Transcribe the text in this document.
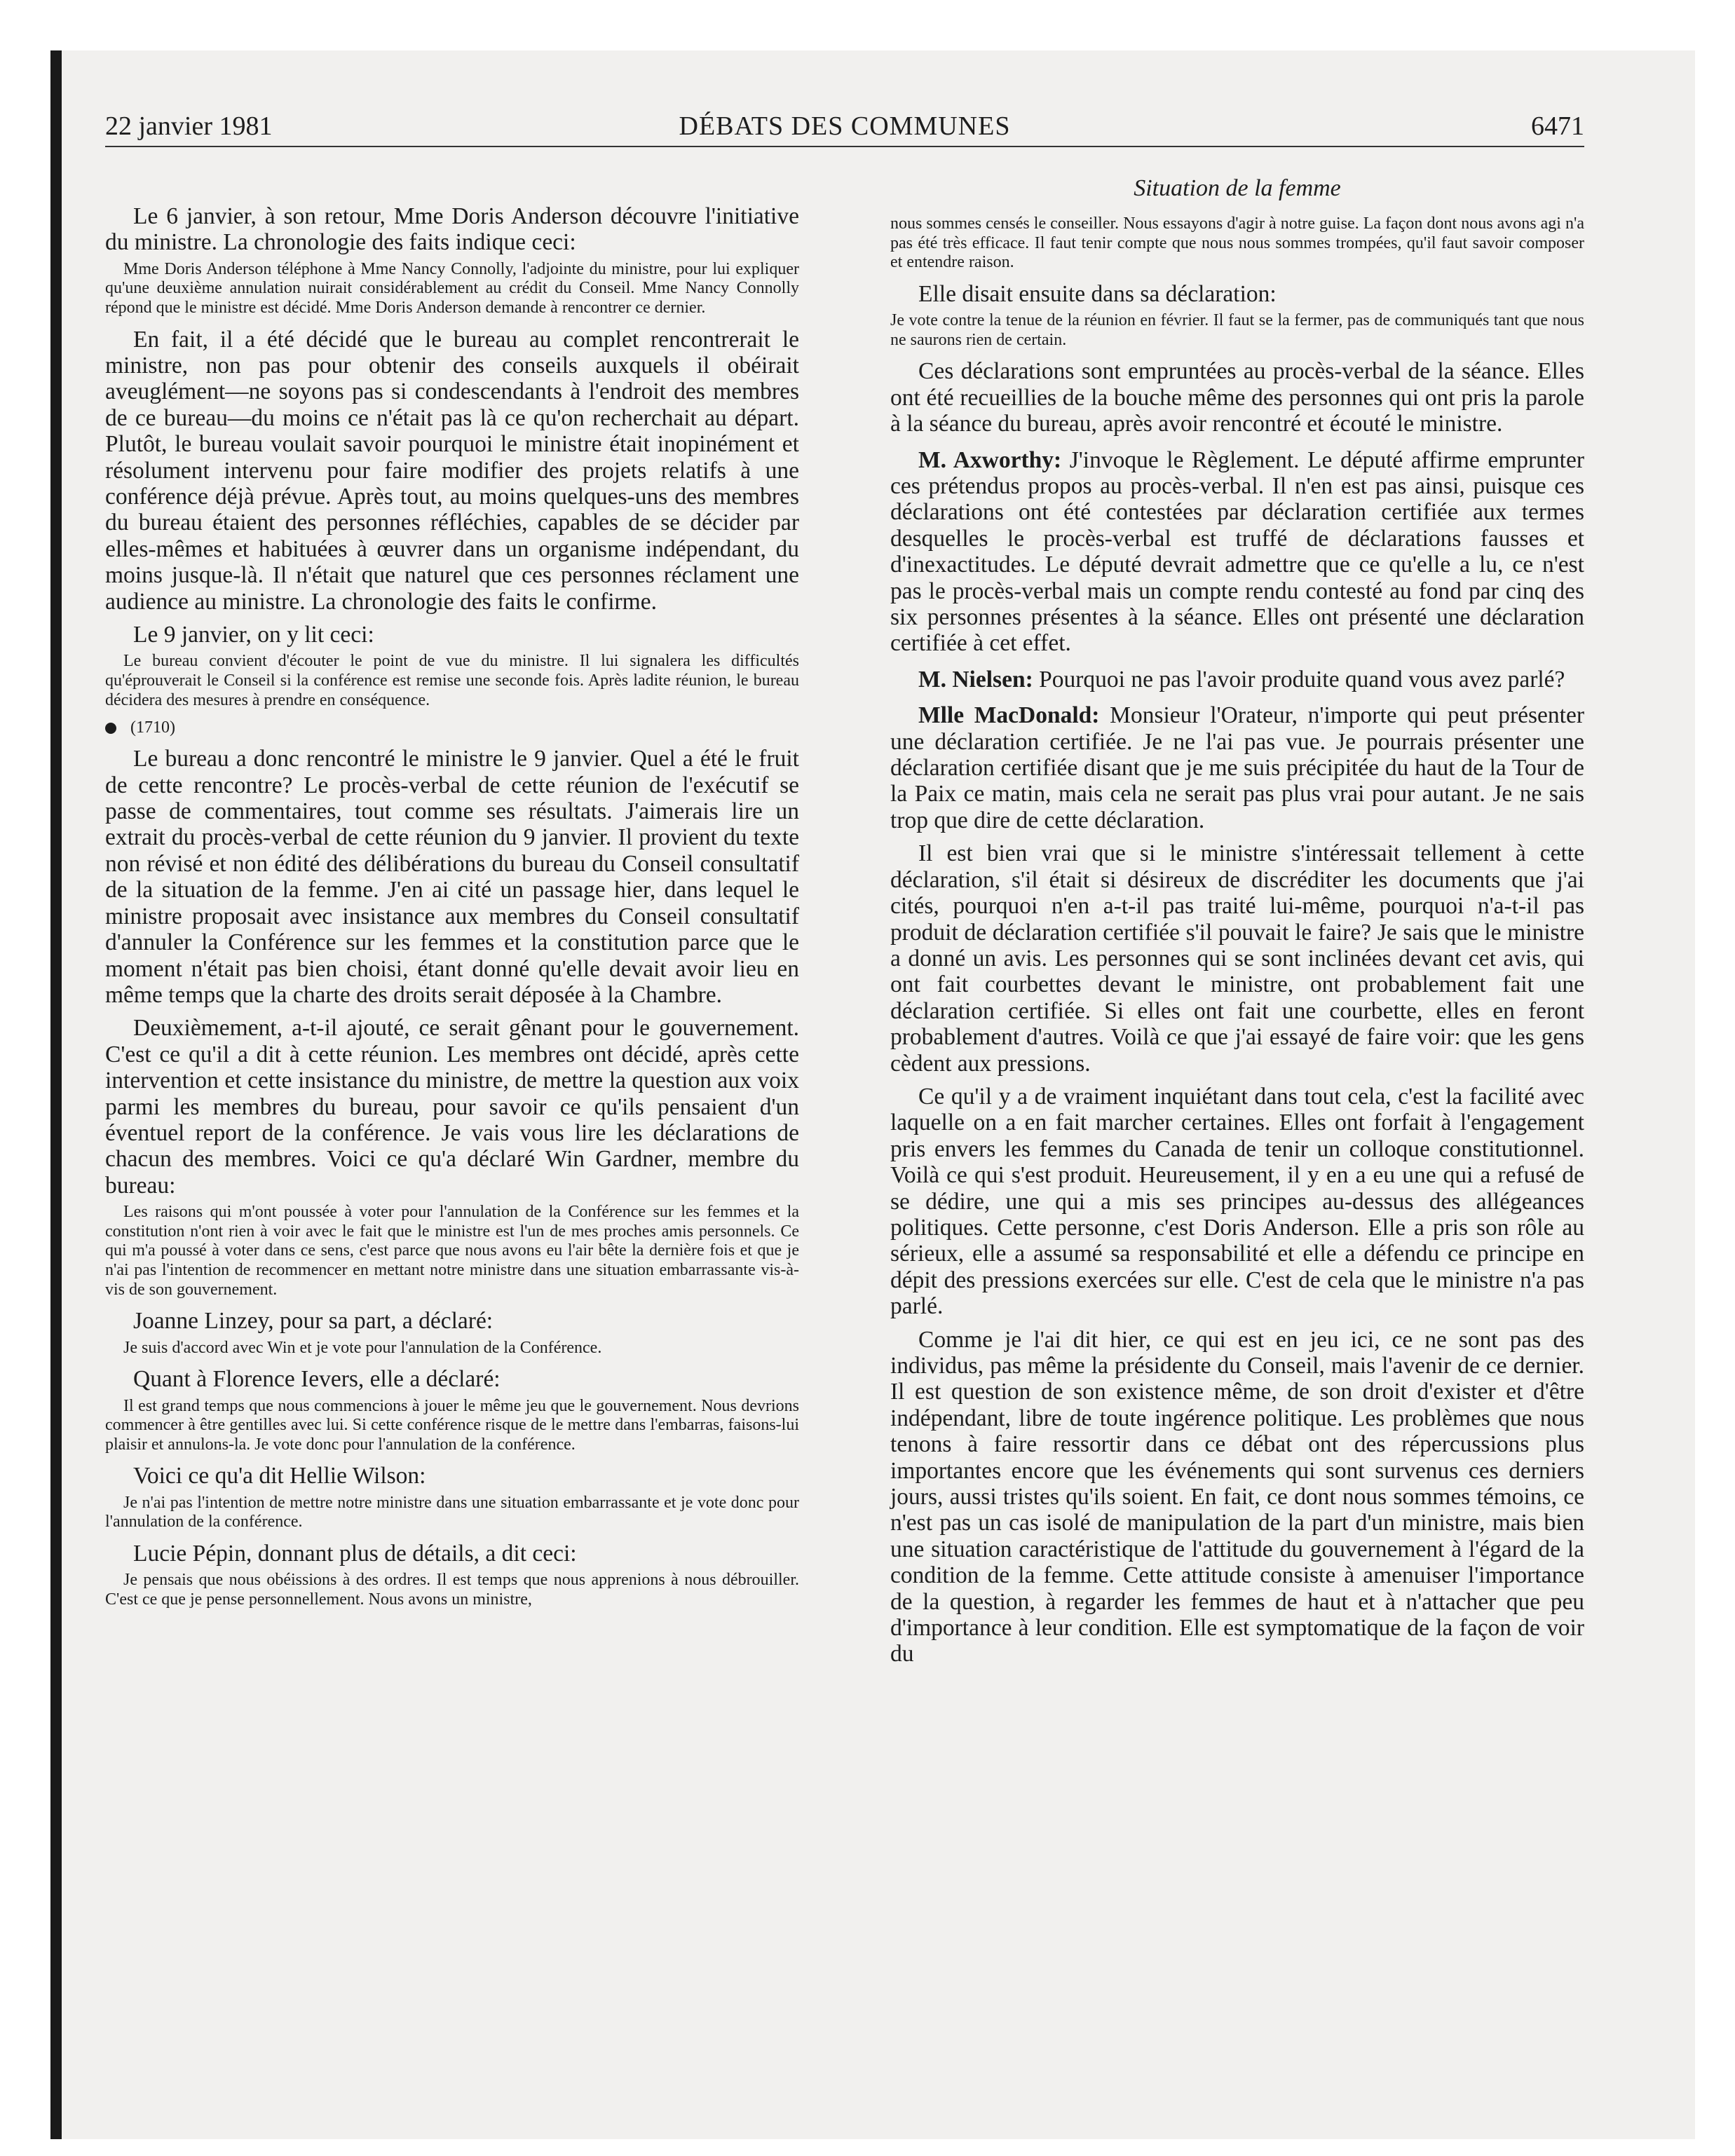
22 janvier 1981	DÉBATS DES COMMUNES	6471

Le 6 janvier, à son retour, Mme Doris Anderson découvre l'initiative du ministre. La chronologie des faits indique ceci:

Mme Doris Anderson téléphone à Mme Nancy Connolly, l'adjointe du ministre, pour lui expliquer qu'une deuxième annulation nuirait considérablement au crédit du Conseil. Mme Nancy Connolly répond que le ministre est décidé. Mme Doris Anderson demande à rencontrer ce dernier.

En fait, il a été décidé que le bureau au complet rencontrerait le ministre, non pas pour obtenir des conseils auxquels il obéirait aveuglément—ne soyons pas si condescendants à l'endroit des membres de ce bureau—du moins ce n'était pas là ce qu'on recherchait au départ. Plutôt, le bureau voulait savoir pourquoi le ministre était inopinément et résolument intervenu pour faire modifier des projets relatifs à une conférence déjà prévue. Après tout, au moins quelques-uns des membres du bureau étaient des personnes réfléchies, capables de se décider par elles-mêmes et habituées à œuvrer dans un organisme indépendant, du moins jusque-là. Il n'était que naturel que ces personnes réclament une audience au ministre. La chronologie des faits le confirme.

Le 9 janvier, on y lit ceci:

Le bureau convient d'écouter le point de vue du ministre. Il lui signalera les difficultés qu'éprouverait le Conseil si la conférence est remise une seconde fois. Après ladite réunion, le bureau décidera des mesures à prendre en conséquence.

(1710)

Le bureau a donc rencontré le ministre le 9 janvier. Quel a été le fruit de cette rencontre? Le procès-verbal de cette réunion de l'exécutif se passe de commentaires, tout comme ses résultats. J'aimerais lire un extrait du procès-verbal de cette réunion du 9 janvier. Il provient du texte non révisé et non édité des délibérations du bureau du Conseil consultatif de la situation de la femme. J'en ai cité un passage hier, dans lequel le ministre proposait avec insistance aux membres du Conseil consultatif d'annuler la Conférence sur les femmes et la constitution parce que le moment n'était pas bien choisi, étant donné qu'elle devait avoir lieu en même temps que la charte des droits serait déposée à la Chambre.

Deuxièmement, a-t-il ajouté, ce serait gênant pour le gouvernement. C'est ce qu'il a dit à cette réunion. Les membres ont décidé, après cette intervention et cette insistance du ministre, de mettre la question aux voix parmi les membres du bureau, pour savoir ce qu'ils pensaient d'un éventuel report de la conférence. Je vais vous lire les déclarations de chacun des membres. Voici ce qu'a déclaré Win Gardner, membre du bureau:

Les raisons qui m'ont poussée à voter pour l'annulation de la Conférence sur les femmes et la constitution n'ont rien à voir avec le fait que le ministre est l'un de mes proches amis personnels. Ce qui m'a poussé à voter dans ce sens, c'est parce que nous avons eu l'air bête la dernière fois et que je n'ai pas l'intention de recommencer en mettant notre ministre dans une situation embarrassante vis-à-vis de son gouvernement.

Joanne Linzey, pour sa part, a déclaré:

Je suis d'accord avec Win et je vote pour l'annulation de la Conférence.

Quant à Florence Ievers, elle a déclaré:

Il est grand temps que nous commencions à jouer le même jeu que le gouvernement. Nous devrions commencer à être gentilles avec lui. Si cette conférence risque de le mettre dans l'embarras, faisons-lui plaisir et annulons-la. Je vote donc pour l'annulation de la conférence.

Voici ce qu'a dit Hellie Wilson:

Je n'ai pas l'intention de mettre notre ministre dans une situation embarrassante et je vote donc pour l'annulation de la conférence.

Lucie Pépin, donnant plus de détails, a dit ceci:

Je pensais que nous obéissions à des ordres. Il est temps que nous apprenions à nous débrouiller. C'est ce que je pense personnellement. Nous avons un ministre,

Situation de la femme

nous sommes censés le conseiller. Nous essayons d'agir à notre guise. La façon dont nous avons agi n'a pas été très efficace. Il faut tenir compte que nous nous sommes trompées, qu'il faut savoir composer et entendre raison.

Elle disait ensuite dans sa déclaration:

Je vote contre la tenue de la réunion en février. Il faut se la fermer, pas de communiqués tant que nous ne saurons rien de certain.

Ces déclarations sont empruntées au procès-verbal de la séance. Elles ont été recueillies de la bouche même des personnes qui ont pris la parole à la séance du bureau, après avoir rencontré et écouté le ministre.

M. Axworthy: J'invoque le Règlement. Le député affirme emprunter ces prétendus propos au procès-verbal. Il n'en est pas ainsi, puisque ces déclarations ont été contestées par déclaration certifiée aux termes desquelles le procès-verbal est truffé de déclarations fausses et d'inexactitudes. Le député devrait admettre que ce qu'elle a lu, ce n'est pas le procès-verbal mais un compte rendu contesté au fond par cinq des six personnes présentes à la séance. Elles ont présenté une déclaration certifiée à cet effet.

M. Nielsen: Pourquoi ne pas l'avoir produite quand vous avez parlé?

Mlle MacDonald: Monsieur l'Orateur, n'importe qui peut présenter une déclaration certifiée. Je ne l'ai pas vue. Je pourrais présenter une déclaration certifiée disant que je me suis précipitée du haut de la Tour de la Paix ce matin, mais cela ne serait pas plus vrai pour autant. Je ne sais trop que dire de cette déclaration.

Il est bien vrai que si le ministre s'intéressait tellement à cette déclaration, s'il était si désireux de discréditer les documents que j'ai cités, pourquoi n'en a-t-il pas traité lui-même, pourquoi n'a-t-il pas produit de déclaration certifiée s'il pouvait le faire? Je sais que le ministre a donné un avis. Les personnes qui se sont inclinées devant cet avis, qui ont fait courbettes devant le ministre, ont probablement fait une déclaration certifiée. Si elles ont fait une courbette, elles en feront probablement d'autres. Voilà ce que j'ai essayé de faire voir: que les gens cèdent aux pressions.

Ce qu'il y a de vraiment inquiétant dans tout cela, c'est la facilité avec laquelle on a en fait marcher certaines. Elles ont forfait à l'engagement pris envers les femmes du Canada de tenir un colloque constitutionnel. Voilà ce qui s'est produit. Heureusement, il y en a eu une qui a refusé de se dédire, une qui a mis ses principes au-dessus des allégeances politiques. Cette personne, c'est Doris Anderson. Elle a pris son rôle au sérieux, elle a assumé sa responsabilité et elle a défendu ce principe en dépit des pressions exercées sur elle. C'est de cela que le ministre n'a pas parlé.

Comme je l'ai dit hier, ce qui est en jeu ici, ce ne sont pas des individus, pas même la présidente du Conseil, mais l'avenir de ce dernier. Il est question de son existence même, de son droit d'exister et d'être indépendant, libre de toute ingérence politique. Les problèmes que nous tenons à faire ressortir dans ce débat ont des répercussions plus importantes encore que les événements qui sont survenus ces derniers jours, aussi tristes qu'ils soient. En fait, ce dont nous sommes témoins, ce n'est pas un cas isolé de manipulation de la part d'un ministre, mais bien une situation caractéristique de l'attitude du gouvernement à l'égard de la condition de la femme. Cette attitude consiste à amenuiser l'importance de la question, à regarder les femmes de haut et à n'attacher que peu d'importance à leur condition. Elle est symptomatique de la façon de voir du
